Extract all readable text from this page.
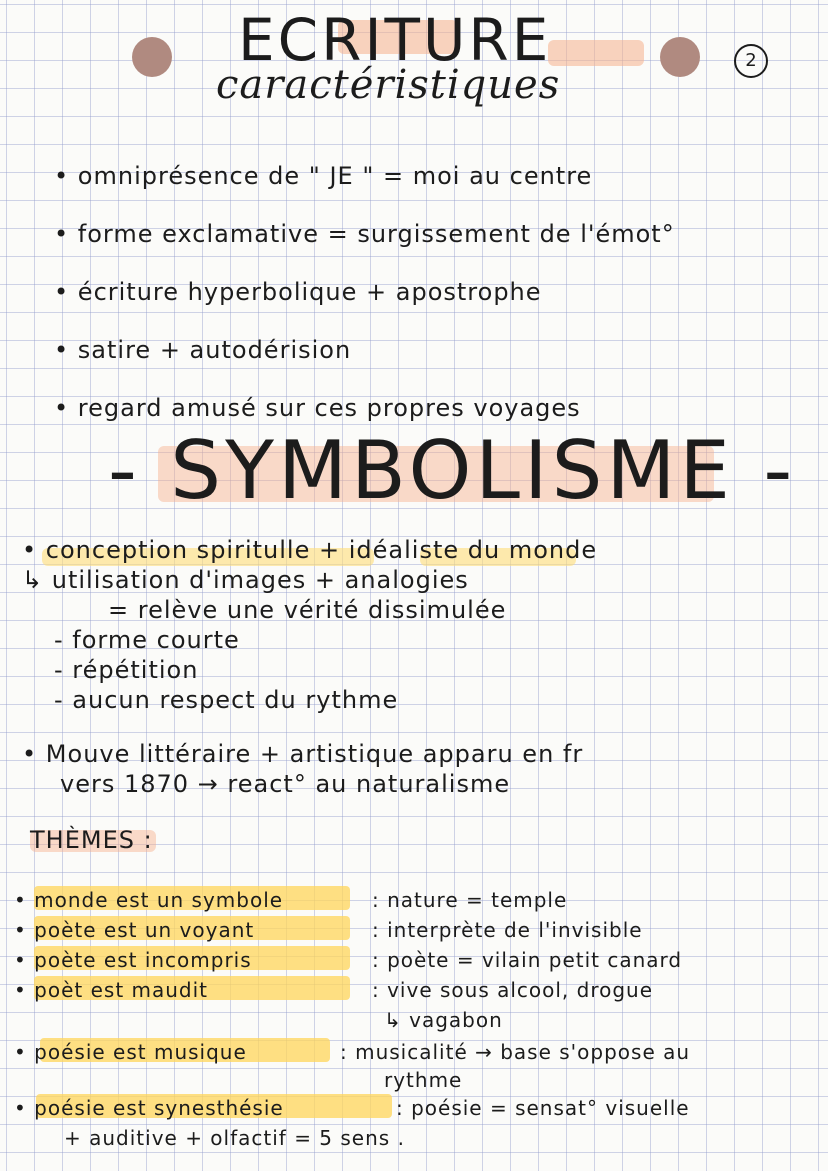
ECRITURE	2
caractéristiques
• omniprésence de " JE " = moi au centre
• forme exclamative = surgissement de l'émot°
• écriture hyperbolique + apostrophe
• satire + autodérision
• regard amusé sur ces propres voyages
- SYMBOLISME -
• conception spiritulle + idéaliste du monde
↳ utilisation d'images + analogies
= relève une vérité dissimulée
- forme courte
- répétition
- aucun respect du rythme
• Mouve littéraire + artistique apparu en fr
vers 1870 → react° au naturalisme
THÈMES :
• monde est un symbole	: nature = temple
• poète est un voyant	: interprète de l'invisible
• poète est incompris	: poète = vilain petit canard
• poèt est maudit	: vive sous alcool, drogue
↳ vagabon
• poésie est musique	: musicalité → base s'oppose au
rythme
• poésie est synesthésie	: poésie = sensat° visuelle
+ auditive + olfactif = 5 sens .
